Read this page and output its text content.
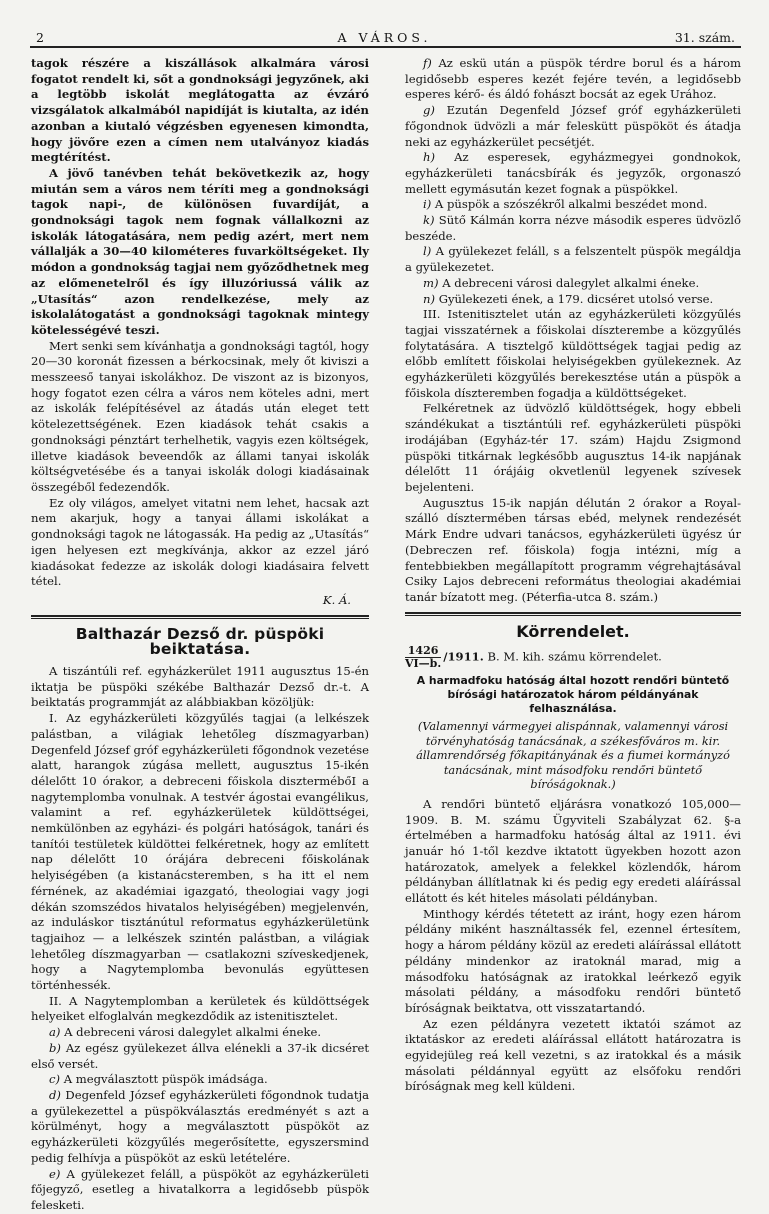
2	A VÁROS.	31. szám.

tagok részére a kiszállások alkalmára városi fogatot rendelt ki, sőt a gondnoksági jegyzőnek, aki a legtöbb iskolát meglátogatta az évzáró vizsgálatok alkalmából napidíját is kiutalta, az idén azonban a kiutaló végzésben egyenesen kimondta, hogy jövőre ezen a címen nem utalványoz kiadás megtérítést.

A jövő tanévben tehát bekövetkezik az, hogy miután sem a város nem téríti meg a gondnoksági tagok napi-, de különösen fuvardíját, a gondnoksági tagok nem fognak vállalkozni az iskolák látogatására, nem pedig azért, mert nem vállalják a 30—40 kilométeres fuvarköltségeket. Ily módon a gondnokság tagjai nem győződhetnek meg az előmenetelről és így illuzóriussá válik az „Utasítás“ azon rendelkezése, mely az iskolalátogatást a gondnoksági tagoknak mintegy kötelességévé teszi.

Mert senki sem kívánhatja a gondnoksági tagtól, hogy 20—30 koronát fizessen a bérkocsinak, mely őt kiviszi a messzeeső tanyai iskolákhoz. De viszont az is bizonyos, hogy fogatot ezen célra a város nem köteles adni, mert az iskolák felépítésével az átadás után eleget tett kötelezettségének. Ezen kiadások tehát csakis a gondnoksági pénztárt terhelhetik, vagyis ezen költségek, illetve kiadások beveendők az állami tanyai iskolák költségvetésébe és a tanyai iskolák dologi kiadásainak összegéből fedezendők.

Ez oly világos, amelyet vitatni nem lehet, hacsak azt nem akarjuk, hogy a tanyai állami iskolákat a gondnoksági tagok ne látogassák. Ha pedig az „Utasítás“ igen helyesen ezt megkívánja, akkor az ezzel járó kiadásokat fedezze az iskolák dologi kiadásaira felvett tétel.

K. Á.

Balthazár Dezső dr. püspöki beiktatása.

A tiszántúli ref. egyházkerület 1911 augusztus 15-én iktatja be püspöki székébe Balthazár Dezső dr.-t. A beiktatás programmját az alábbiakban közöljük:

I. Az egyházkerületi közgyűlés tagjai (a lelkészek palástban, a világiak lehetőleg díszmagyarban) Degenfeld József gróf egyházkerületi főgondnok vezetése alatt, harangok zúgása mellett, augusztus 15-ikén délelőtt 10 órakor, a debreceni főiskola disztermébőI a nagytemplomba vonulnak. A testvér ágostai evangélikus, valamint a ref. egyházkerületek küldöttségei, nemkülönben az egyházi- és polgári hatóságok, tanári és tanítói testületek küldöttei felkéretnek, hogy az említett nap délelőtt 10 órájára debreceni főiskolának helyiségében (a kistanácsteremben, s ha itt el nem férnének, az akadémiai igazgató, theologiai vagy jogi dékán szomszédos hivatalos helyiségében) megjelenvén, az induláskor tisztánútul reformatus egyházkerületünk tagjaihoz — a lelkészek szintén palástban, a világiak lehetőleg díszmagyarban — csatlakozni szíveskedjenek, hogy a Nagytemplomba bevonulás együttesen történhessék.

II. A Nagytemplomban a kerületek és küldöttségek helyeiket elfoglalván megkezdődik az istenitisztelet.

a) A debreceni városi dalegylet alkalmi éneke.

b) Az egész gyülekezet állva elénekli a 37-ik dicséret első versét.

c) A megválasztott püspök imádsága.

d) Degenfeld József egyházkerületi főgondnok tudatja a gyülekezettel a püspökválasztás eredményét s azt a körülményt, hogy a megválasztott püspököt az egyházkerületi közgyűlés megerősítette, egyszersmind pedig felhívja a püspököt az eskü letételére.

e) A gyülekezet feláll, a püspököt az egyházkerületi főjegyző, esetleg a hivatalkorra a legidősebb püspök felesketi.

f) Az eskü után a püspök térdre borul és a három legidősebb esperes kezét fejére tevén, a legidősebb esperes kérő- és áldó fohászt bocsát az egek Urához.

g) Ezután Degenfeld József gróf egyházkerületi főgondnok üdvözli a már feleskütt püspököt és átadja neki az egyházkerület pecsétjét.

h) Az esperesek, egyházmegyei gondnokok, egyházkerületi tanácsbírák és jegyzők, orgonaszó mellett egymásután kezet fognak a püspökkel.

i) A püspök a szószékről alkalmi beszédet mond.

k) Sütő Kálmán korra nézve második esperes üdvözlő beszéde.

l) A gyülekezet feláll, s a felszentelt püspök megáldja a gyülekezetet.

m) A debreceni városi dalegylet alkalmi éneke.

n) Gyülekezeti ének, a 179. dicséret utolsó verse.

III. Istenitisztelet után az egyházkerületi közgyűlés tagjai visszatérnek a főiskolai díszterembe a közgyűlés folytatására. A tisztelgő küldöttségek tagjai pedig az előbb említett főiskolai helyiségekben gyülekeznek. Az egyházkerületi közgyűlés berekesztése után a püspök a főiskola díszteremben fogadja a küldöttségeket.

Felkéretnek az üdvözlő küldöttségek, hogy ebbeli szándékukat a tisztántúli ref. egyházkerületi püspöki irodájában (Egyház-tér 17. szám) Hajdu Zsigmond püspöki titkárnak legkésőbb augusztus 14-ik napjának délelőtt 11 órájáig okvetlenül legyenek szívesek bejelenteni.

Augusztus 15-ik napján délután 2 órakor a Royal-szálló dísztermében társas ebéd, melynek rendezését Márk Endre udvari tanácsos, egyházkerületi ügyész úr (Debreczen ref. főiskola) fogja intézni, míg a fentebbiekben megállapított programm végrehajtásával Csiky Lajos debreceni református theologiai akadémiai tanár bízatott meg. (Péterfia-utca 8. szám.)

Körrendelet.

$\frac{1426}{VI—b.} /1911$. B. M. kih. számu körrendelet.

A harmadfoku hatóság által hozott rendőri büntető bírósági határozatok három példányának felhasználása.

(Valamennyi vármegyei alispánnak, valamennyi városi törvényhatóság tanácsának, a székesfőváros m. kir. államrendőrség főkapitányának és a fiumei kormányzó tanácsának, mint másodfoku rendőri büntető bíróságoknak.)

A rendőri büntető eljárásra vonatkozó 105,000—1909. B. M. számu Ügyviteli Szabályzat 62. §-a értelmében a harmadfoku hatóság által az 1911. évi január hó 1-től kezdve iktatott ügyekben hozott azon határozatok, amelyek a felekkel közlendők, három példányban állítlatnak ki és pedig egy eredeti aláírással ellátott és két hiteles másolati példányban.

Minthogy kérdés tétetett az iránt, hogy ezen három példány miként használtassék fel, ezennel értesítem, hogy a három példány közül az eredeti aláírással ellátott példány mindenkor az iratoknál marad, mig a másodfoku hatóságnak az iratokkal leérkező egyik másolati példány, a másodfoku rendőri büntető bíróságnak beiktatva, ott visszatartandó.

Az ezen példányra vezetett iktatói számot az iktatáskor az eredeti aláírással ellátott határozatra is egyidejüleg reá kell vezetni, s az iratokkal és a másik másolati példánnyal együtt az elsőfoku rendőri bíróságnak meg kell küldeni.
